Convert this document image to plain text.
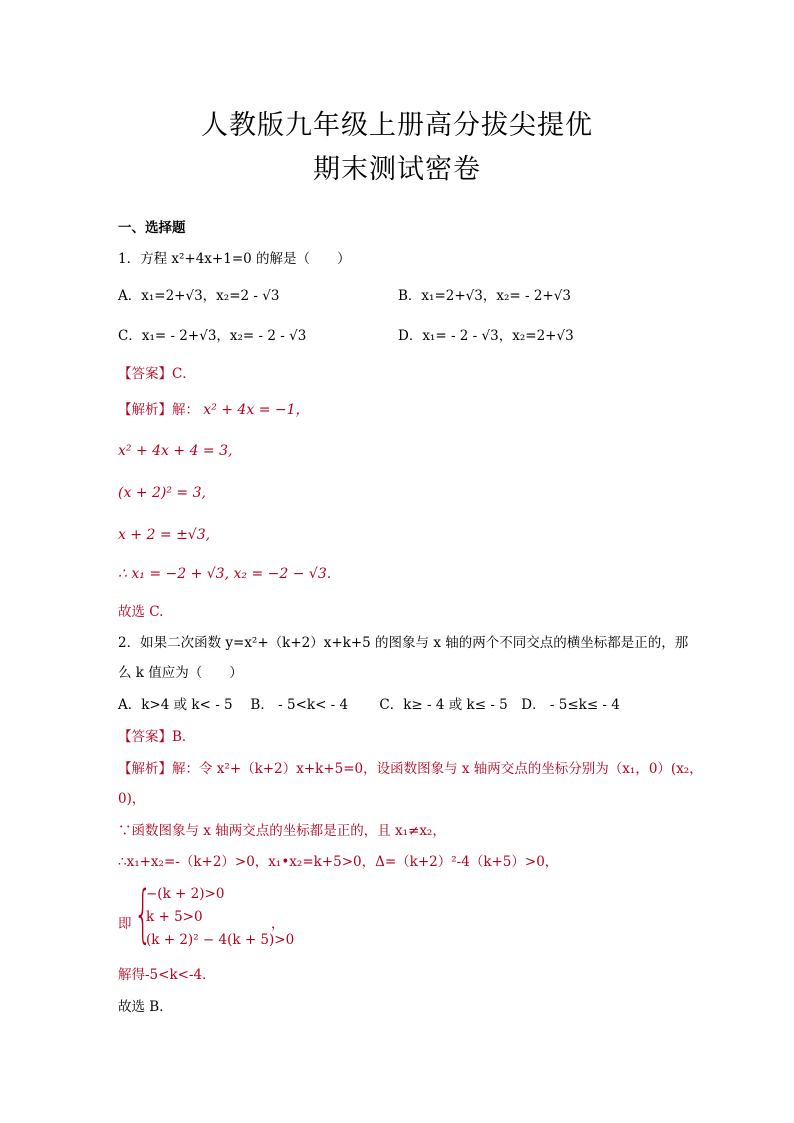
人教版九年级上册高分拔尖提优
期末测试密卷
一、选择题
1．方程 x²+4x+1=0 的解是（　　）
A．x₁=2+√3，x₂=2 - √3	B．x₁=2+√3，x₂= - 2+√3
C．x₁= - 2+√3，x₂= - 2 - √3	D．x₁= - 2 - √3，x₂=2+√3
【答案】C．
【解析】解： x² + 4x = −1，
x² + 4x + 4 = 3,
(x + 2)² = 3,
x + 2 = ±√3,
∴ x₁ = −2 + √3, x₂ = −2 − √3.
故选 C.
2．如果二次函数 y=x²+（k+2）x+k+5 的图象与 x 轴的两个不同交点的横坐标都是正的，那
么 k 值应为（　　）
A．k>4 或 k< - 5　 B． - 5<k< - 4　　 C．k≥ - 4 或 k≤ - 5　D． - 5≤k≤ - 4
【答案】B．
【解析】解：令 x²+（k+2）x+k+5=0，设函数图象与 x 轴两交点的坐标分别为（x₁，0）(x₂，
0)，
∵函数图象与 x 轴两交点的坐标都是正的，且 x₁≠x₂，
∴x₁+x₂=-（k+2）>0，x₁•x₂=k+5>0，Δ=（k+2）²-4（k+5）>0，
即 {
−(k + 2)>0
k + 5>0
(k + 2)² − 4(k + 5)>0
，
解得-5<k<-4．
故选 B．
